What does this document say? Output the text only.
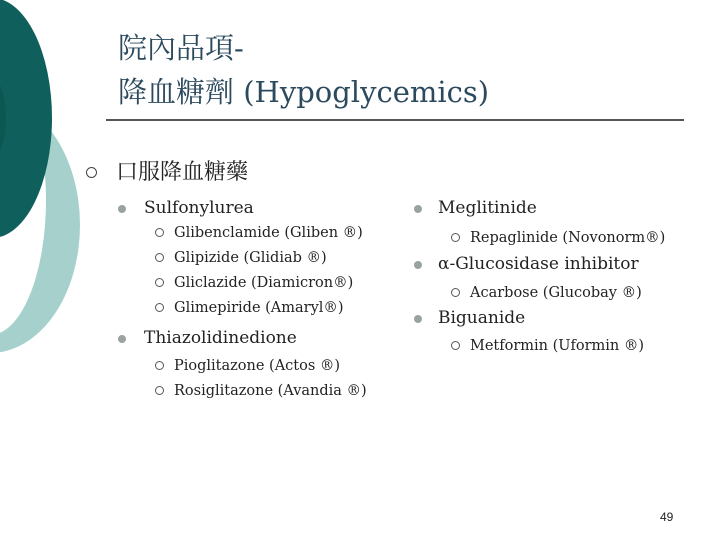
院內品項-
降血糖劑 (Hypoglycemics)
口服降血糖藥
Sulfonylurea
Glibenclamide (Gliben ®)
Glipizide (Glidiab ®)
Gliclazide (Diamicron®)
Glimepiride (Amaryl®)
Thiazolidinedione
Pioglitazone (Actos ®)
Rosiglitazone (Avandia ®)
Meglitinide
Repaglinide (Novonorm®)
α-Glucosidase inhibitor
Acarbose (Glucobay ®)
Biguanide
Metformin (Uformin ®)
49
